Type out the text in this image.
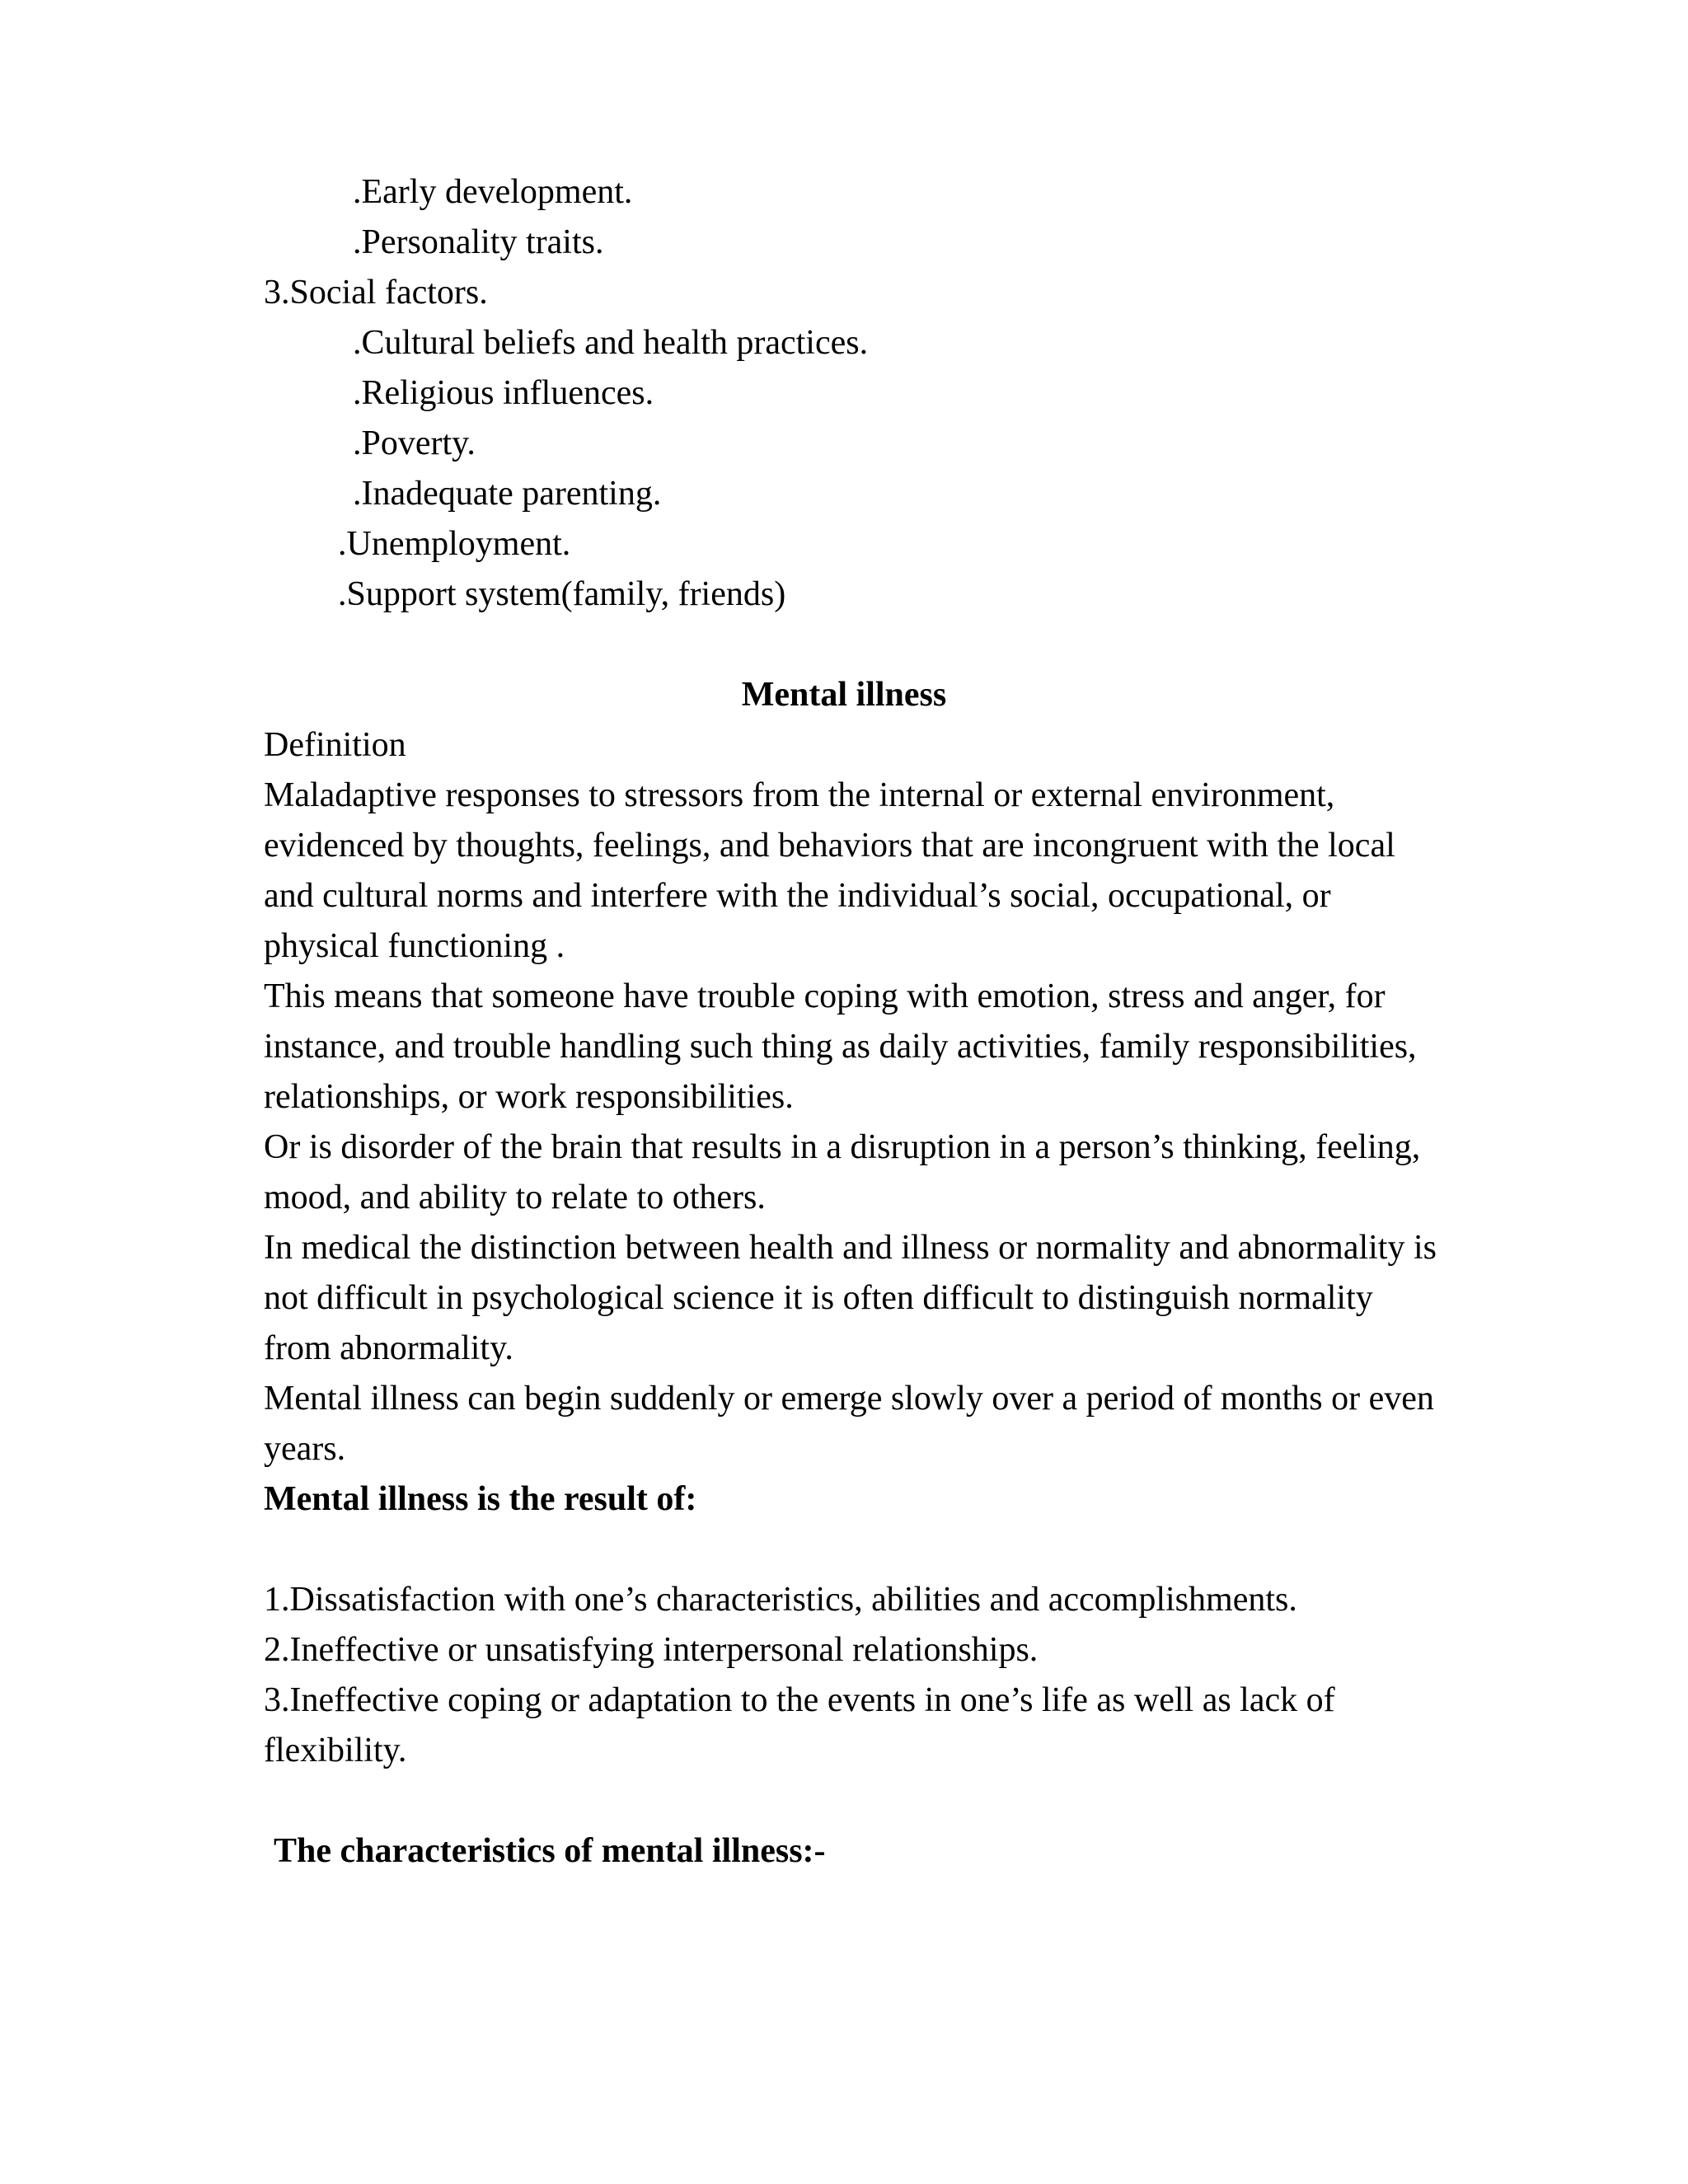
.Early development.
.Personality traits.
3.Social factors.
.Cultural beliefs and health practices.
.Religious influences.
.Poverty.
.Inadequate parenting.
.Unemployment.
.Support system(family, friends)
Mental illness
Definition
Maladaptive responses to stressors from the internal or external environment,
evidenced by thoughts, feelings, and behaviors that are incongruent with the local
and cultural norms and interfere with the individual’s social, occupational, or
physical functioning .
This means that someone have trouble coping with emotion, stress and anger, for
instance, and trouble handling such thing as daily activities, family responsibilities,
relationships, or work responsibilities.
Or is disorder of the brain that results in a disruption in a person’s thinking, feeling,
mood, and ability to relate to others.
In medical the distinction between health and illness or normality and abnormality is
not difficult in psychological science it is often difficult to distinguish normality
from abnormality.
Mental illness can begin suddenly or emerge slowly over a period of months or even
years.
Mental illness is the result of:
1.Dissatisfaction with one’s characteristics, abilities and accomplishments.
2.Ineffective or unsatisfying interpersonal relationships.
3.Ineffective coping or adaptation to the events in one’s life as well as lack of
flexibility.
The characteristics of mental illness:-
